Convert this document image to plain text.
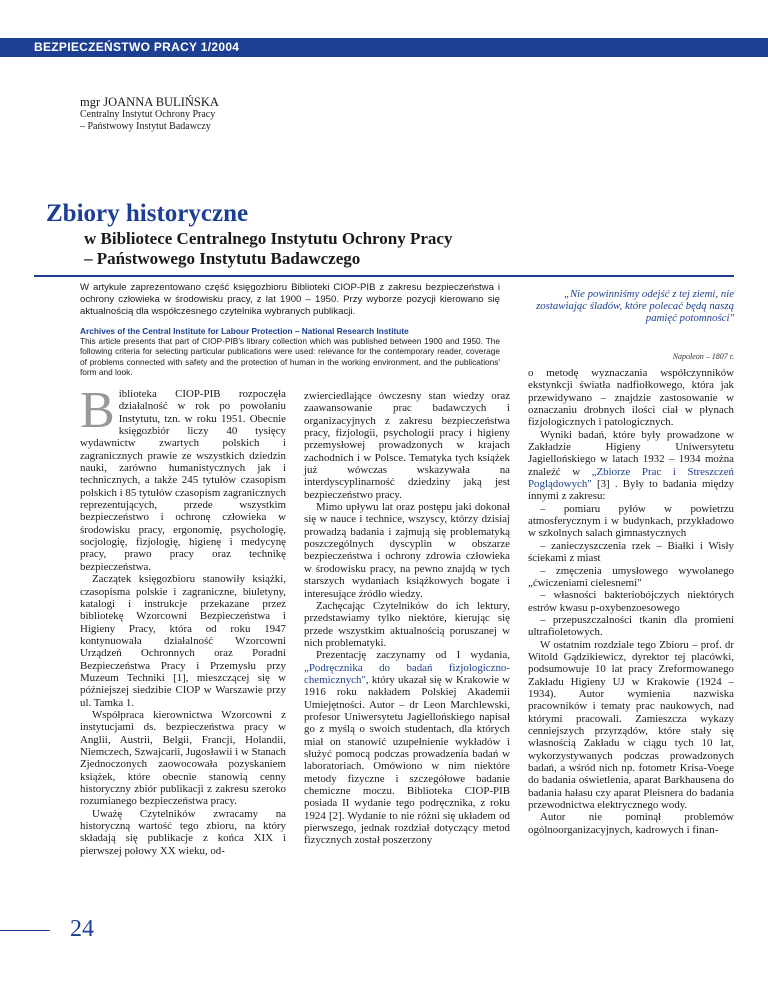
BEZPIECZEŃSTWO PRACY 1/2004
mgr JOANNA BULIŃSKA
Centralny Instytut Ochrony Pracy
– Państwowy Instytut Badawczy
Zbiory historyczne
w Bibliotece Centralnego Instytutu Ochrony Pracy
– Państwowego Instytutu Badawczego
W artykule zaprezentowano część księgozbioru Biblioteki CIOP-PIB z zakresu bezpieczeństwa i ochrony człowieka w środowisku pracy, z lat 1900 – 1950. Przy wyborze pozycji kierowano się aktualnością dla współczesnego czytelnika wybranych publikacji.
Archives of the Central Institute for Labour Protection – National Research Institute
This article presents that part of CIOP-PIB's library collection which was published between 1900 and 1950. The following criteria for selecting particular publications were used: relevance for the contemporary reader, coverage of problems connected with safety and the protection of human in the working environment, and the publications' form and look.
„Nie powinniśmy odejść z tej ziemi, nie zostawiając śladów, które polecać będą naszą pamięć potomności"
Napoleon – 1807 r.

Biblioteka CIOP-PIB rozpoczęła działalność w rok po powołaniu Instytutu, tzn. w roku 1951. Obecnie księgozbiór liczy 40 tysięcy wydawnictw zwartych polskich i zagranicznych prawie ze wszystkich dziedzin nauki, zarówno humanistycznych jak i technicznych, a także 245 tytułów czasopism polskich i 85 tytułów czasopism zagranicznych reprezentujących, przede wszystkim bezpieczeństwo i ochronę człowieka w środowisku pracy, ergonomię, psychologię, socjologię, fizjologię, higienę i medycynę pracy, prawo pracy oraz technikę bezpieczeństwa.

Zaczątek księgozbioru stanowiły książki, czasopisma polskie i zagraniczne, biuletyny, katalogi i instrukcje przekazane przez bibliotekę Wzorcowni Bezpieczeństwa i Higieny Pracy, która od roku 1947 kontynuowała działalność Wzorcowni Urządzeń Ochronnych oraz Poradni Bezpieczeństwa Pracy i Przemysłu przy Muzeum Techniki [1], mieszczącej się w późniejszej siedzibie CIOP w Warszawie przy ul. Tamka 1.

Współpraca kierownictwa Wzorcowni z instytucjami ds. bezpieczeństwa pracy w Anglii, Austrii, Belgii, Francji, Holandii, Niemczech, Szwajcarii, Jugosławii i w Stanach Zjednoczonych zaowocowała pozyskaniem książek, które obecnie stanowią cenny historyczny zbiór publikacji z zakresu szeroko rozumianego bezpieczeństwa pracy.

Uważę Czytelników zwracamy na historyczną wartość tego zbioru, na który składają się publikacje z końca XIX i pierwszej połowy XX wieku, od-

zwierciedlające ówczesny stan wiedzy oraz zaawansowanie prac badawczych i organizacyjnych z zakresu bezpieczeństwa pracy, fizjologii, psychologii pracy i higieny przemysłowej prowadzonych w krajach zachodnich i w Polsce. Tematyka tych książek już wówczas wskazywała na interdyscyplinarność dziedziny jaką jest bezpieczeństwo pracy.

Mimo upływu lat oraz postępu jaki dokonał się w nauce i technice, wszyscy, którzy dzisiaj prowadzą badania i zajmują się problematyką poszczególnych dyscyplin w obszarze bezpieczeństwa i ochrony zdrowia człowieka w środowisku pracy, na pewno znajdą w tych starszych wydaniach książkowych bogate i interesujące źródło wiedzy.

Zachęcając Czytelników do ich lektury, przedstawiamy tylko niektóre, kierując się przede wszystkim aktualnością poruszanej w nich problematyki.

Prezentację zaczynamy od I wydania, „Podręcznika do badań fizjologiczno-chemicznych", który ukazał się w Krakowie w 1916 roku nakładem Polskiej Akademii Umiejętności. Autor – dr Leon Marchlewski, profesor Uniwersytetu Jagiellońskiego napisał go z myślą o swoich studentach, dla których miał on stanowić uzupełnienie wykładów i służyć pomocą podczas prowadzenia badań w laboratoriach. Omówiono w nim niektóre metody fizyczne i szczegółowe badanie chemiczne moczu. Biblioteka CIOP-PIB posiada II wydanie tego podręcznika, z roku 1924 [2]. Wydanie to nie różni się układem od pierwszego, jednak rozdział dotyczący metod fizycznych został poszerzony

o metodę wyznaczania współczynników ekstynkcji światła nadfiołkowego, która jak przewidywano – znajdzie zastosowanie w oznaczaniu drobnych ilości ciał w płynach fizjologicznych i patologicznych.

Wyniki badań, które były prowadzone w Zakładzie Higieny Uniwersytetu Jagiellońskiego w latach 1932 – 1934 można znaleźć w „Zbiorze Prac i Streszczeń Poglądowych" [3] . Były to badania między innymi z zakresu:

– pomiaru pyłów w powietrzu atmosferycznym i w budynkach, przykładowo w szkolnych salach gimnastycznych

– zanieczyszczenia rzek – Białki i Wisły ściekami z miast

– zmęczenia umysłowego wywołanego „ćwiczeniami cielesnemi"

– własności bakteriobójczych niektórych estrów kwasu p-oxybenzoesowego

– przepuszczalności tkanin dla promieni ultrafioletowych.

W ostatnim rozdziale tego Zbioru – prof. dr Witold Gądzikiewicz, dyrektor tej placówki, podsumowuje 10 lat pracy Zreformowanego Zakładu Higieny UJ w Krakowie (1924 – 1934). Autor wymienia nazwiska pracowników i tematy prac naukowych, nad którymi pracowali. Zamieszcza wykazy cenniejszych przyrządów, które stały się własnością Zakładu w ciągu tych 10 lat, wykorzystywanych podczas prowadzonych badań, a wśród nich np. fotometr Krisa-Voege do badania oświetlenia, aparat Barkhausena do badania hałasu czy aparat Pleisnera do badania przewodnictwa elektrycznego wody.

Autor nie pominął problemów ogólnoorganizacyjnych, kadrowych i finan-

24
